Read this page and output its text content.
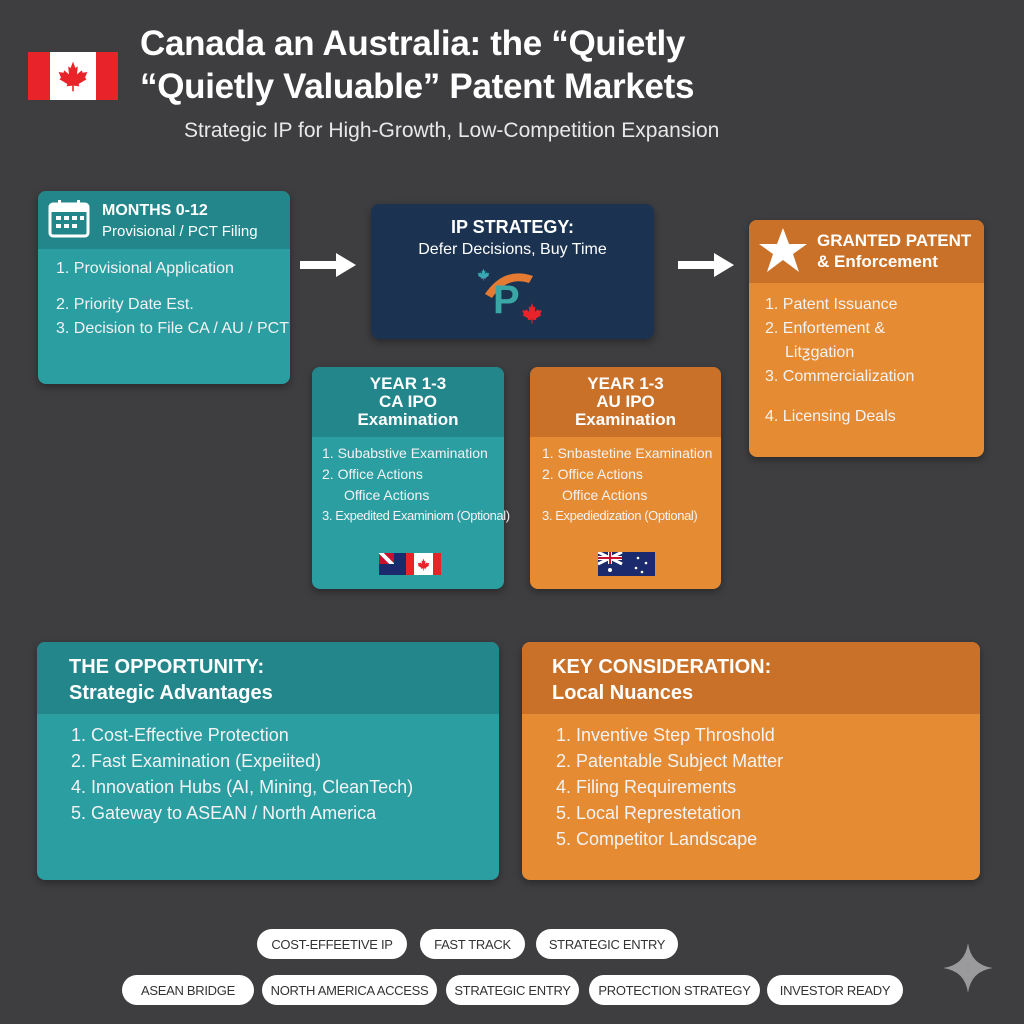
Canada an Australia: the “Quietly
“Quietly Valuable” Patent Markets
Strategic IP for High-Growth, Low-Competition Expansion
MONTHS 0-12
Provisional / PCT Filing
1. Provisional Application
2. Priority Date Est.
3. Decision to File CA / AU / PCT
IP STRATEGY:
Defer Decisions, Buy Time
P
GRANTED PATENT
& Enforcement
1. Patent Issuance
2. Enfortement &
Litƺgation
3. Commercialization
4. Licensing Deals
YEAR 1-3
CA IPO
Examination
1. Subabstive Examination
2. Office Actions
Office Actions
3. Expedited Examiniom (Optional)
YEAR 1-3
AU IPO
Examination
1. Snbastetine Examination
2. Office Actions
Office Actions
3. Expediedization (Optional)
THE OPPORTUNITY:
Strategic Advantages
1. Cost-Effective Protection
2. Fast Examination (Expeiited)
4. Innovation Hubs (AI, Mining, CleanTech)
5. Gateway to ASEAN / North America
KEY CONSIDERATION:
Local Nuances
1. Inventive Step Throshold
2. Patentable Subject Matter
4. Filing Requirements
5. Local Represtetation
5. Competitor Landscape
COST-EFFEETIVE IP	FAST TRACK	STRATEGIC ENTRY
ASEAN BRIDGE	NORTH AMERICA ACCESS	STRATEGIC ENTRY	PROTECTION STRATEGY	INVESTOR READY
